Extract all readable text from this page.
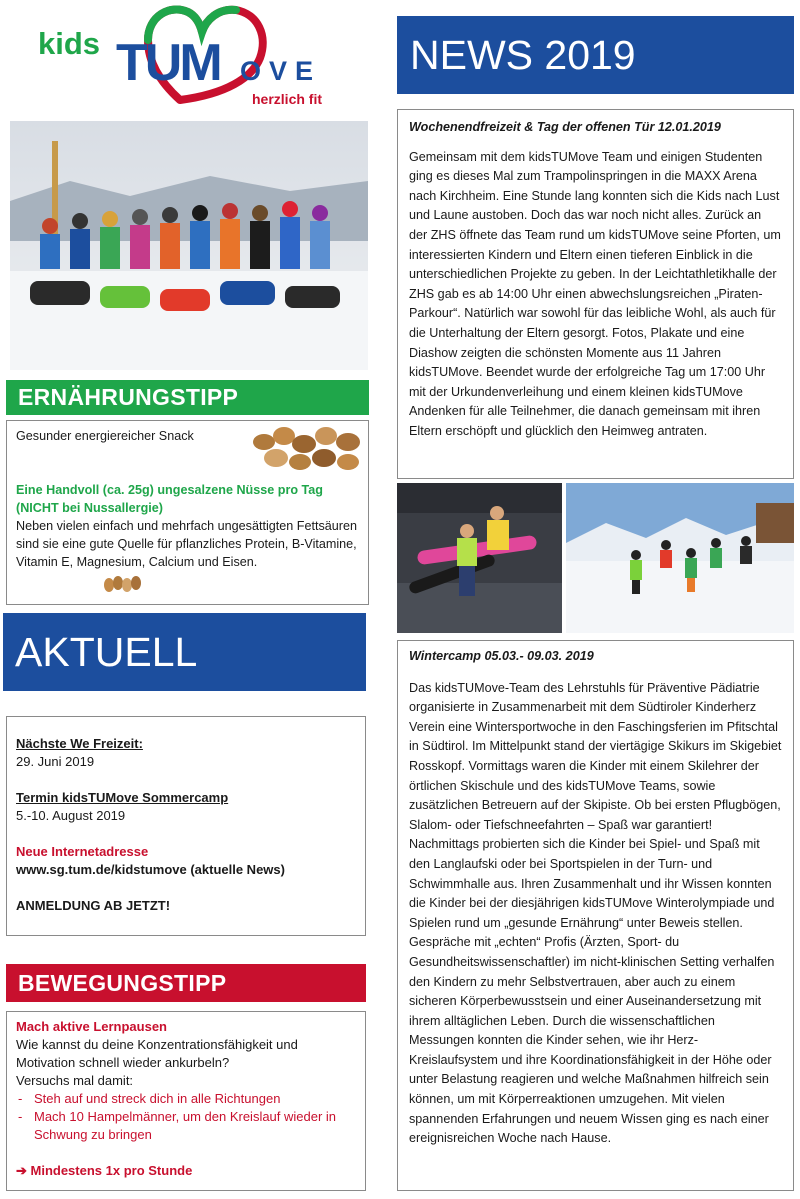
kids TUM OVE
herzlich fit
ERNÄHRUNGSTIPP
Gesunder energiereicher Snack
Eine Handvoll (ca. 25g) ungesalzene Nüsse pro Tag
(NICHT bei Nussallergie)
Neben vielen einfach und mehrfach ungesättigten Fettsäuren sind sie eine gute Quelle für pflanzliches Protein, B-Vitamine, Vitamin E, Magnesium, Calcium und Eisen.
AKTUELL
Nächste We Freizeit:
29. Juni 2019
Termin kidsTUMove Sommercamp
5.-10. August 2019
Neue Internetadresse
www.sg.tum.de/kidstumove (aktuelle News)
ANMELDUNG AB JETZT!
BEWEGUNGSTIPP
Mach aktive Lernpausen
Wie kannst du deine Konzentrationsfähigkeit und Motivation schnell wieder ankurbeln?
Versuchs mal damit:
- Steh auf und streck dich in alle Richtungen
- Mach 10 Hampelmänner, um den Kreislauf wieder in Schwung zu bringen
➔ Mindestens 1x pro Stunde
NEWS 2019
Wochenendfreizeit & Tag der offenen Tür 12.01.2019
Gemeinsam mit dem kidsTUMove Team und einigen Studenten ging es dieses Mal zum Trampolinspringen in die MAXX Arena nach Kirchheim. Eine Stunde lang konnten sich die Kids nach Lust und Laune austoben. Doch das war noch nicht alles. Zurück an der ZHS öffnete das Team rund um kidsTUMove seine Pforten, um interessierten Kindern und Eltern einen tieferen Einblick in die unterschiedlichen Projekte zu geben. In der Leichtathletikhalle der ZHS gab es ab 14:00 Uhr einen abwechslungsreichen „Piraten-Parkour“. Natürlich war sowohl für das leibliche Wohl, als auch für die Unterhaltung der Eltern gesorgt. Fotos, Plakate und eine Diashow zeigten die schönsten Momente aus 11 Jahren kidsTUMove. Beendet wurde der erfolgreiche Tag um 17:00 Uhr mit der Urkundenverleihung und einem kleinen kidsTUMove Andenken für alle Teilnehmer, die danach gemeinsam mit ihren Eltern erschöpft und glücklich den Heimweg antraten.
Wintercamp 05.03.- 09.03. 2019
Das kidsTUMove-Team des Lehrstuhls für Präventive Pädiatrie organisierte in Zusammenarbeit mit dem Südtiroler Kinderherz Verein eine Wintersportwoche in den Faschingsferien im Pfitschtal in Südtirol. Im Mittelpunkt stand der viertägige Skikurs im Skigebiet Rosskopf. Vormittags waren die Kinder mit einem Skilehrer der örtlichen Skischule und des kidsTUMove Teams, sowie zusätzlichen Betreuern auf der Skipiste. Ob bei ersten Pflugbögen, Slalom- oder Tiefschneefahrten – Spaß war garantiert! Nachmittags probierten sich die Kinder bei Spiel- und Spaß mit den Langlaufski oder bei Sportspielen in der Turn- und Schwimmhalle aus. Ihren Zusammenhalt und ihr Wissen konnten die Kinder bei der diesjährigen kidsTUMove Winterolympiade und Spielen rund um „gesunde Ernährung“ unter Beweis stellen. Gespräche mit „echten“ Profis (Ärzten, Sport- du Gesundheitswissenschaftler) im nicht-klinischen Setting verhalfen den Kindern zu mehr Selbstvertrauen, aber auch zu einem sicheren Körperbewusstsein und einer Auseinandersetzung mit ihrem alltäglichen Leben. Durch die wissenschaftlichen Messungen konnten die Kinder sehen, wie ihr Herz- Kreislaufsystem und ihre Koordinationsfähigkeit in der Höhe oder unter Belastung reagieren und welche Maßnahmen hilfreich sein können, um mit Körperreaktionen umzugehen. Mit vielen spannenden Erfahrungen und neuem Wissen ging es nach einer ereignisreichen Woche nach Hause.
